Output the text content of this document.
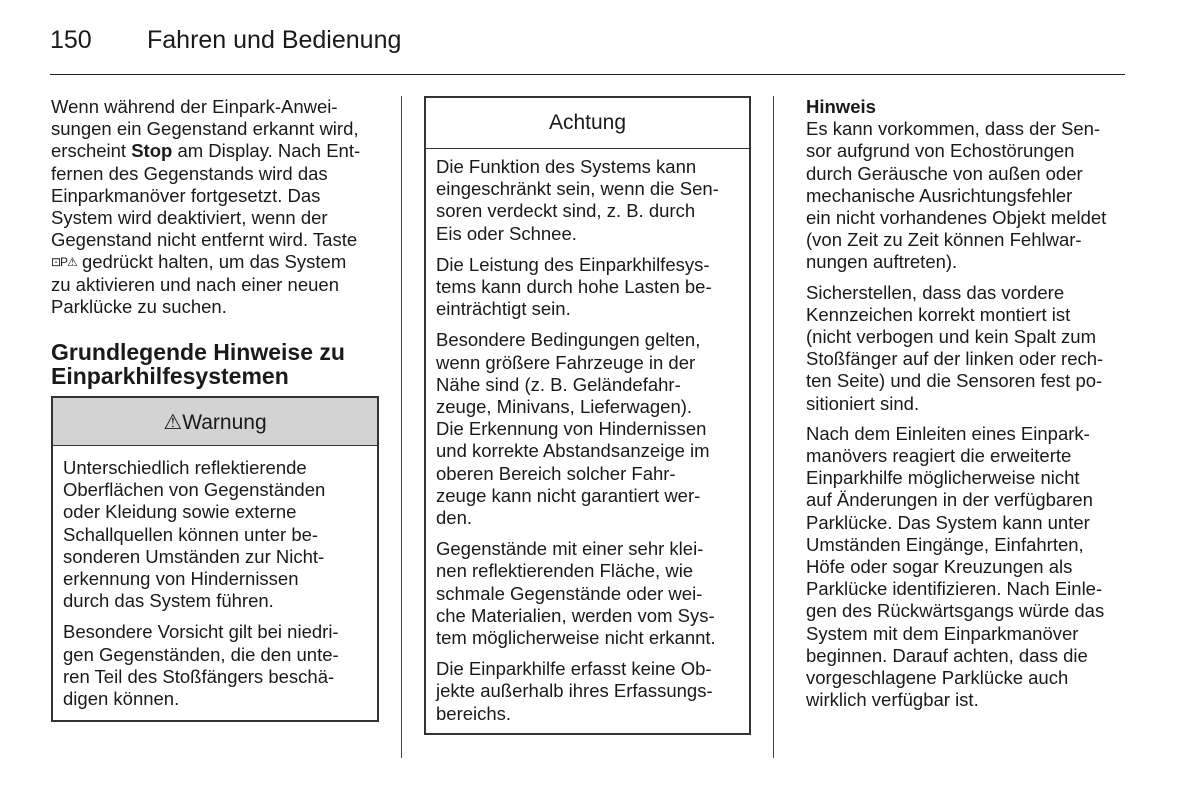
150 Fahren und Bedienung

Wenn während der Einpark-Anwei-
sungen ein Gegenstand erkannt wird,
erscheint Stop am Display. Nach Ent-
fernen des Gegenstands wird das
Einparkmanöver fortgesetzt. Das
System wird deaktiviert, wenn der
Gegenstand nicht entfernt wird. Taste
⊡P⚠ gedrückt halten, um das System
zu aktivieren und nach einer neuen
Parklücke zu suchen.

Grundlegende Hinweise zu
Einparkhilfesystemen
⚠Warnung

Unterschiedlich reflektierende
Oberflächen von Gegenständen
oder Kleidung sowie externe
Schallquellen können unter be-
sonderen Umständen zur Nicht-
erkennung von Hindernissen
durch das System führen.

Besondere Vorsicht gilt bei niedri-
gen Gegenständen, die den unte-
ren Teil des Stoßfängers beschä-
digen können.

Achtung

Die Funktion des Systems kann
eingeschränkt sein, wenn die Sen-
soren verdeckt sind, z. B. durch
Eis oder Schnee.

Die Leistung des Einparkhilfesys-
tems kann durch hohe Lasten be-
einträchtigt sein.

Besondere Bedingungen gelten,
wenn größere Fahrzeuge in der
Nähe sind (z. B. Geländefahr-
zeuge, Minivans, Lieferwagen).
Die Erkennung von Hindernissen
und korrekte Abstandsanzeige im
oberen Bereich solcher Fahr-
zeuge kann nicht garantiert wer-
den.

Gegenstände mit einer sehr klei-
nen reflektierenden Fläche, wie
schmale Gegenstände oder wei-
che Materialien, werden vom Sys-
tem möglicherweise nicht erkannt.

Die Einparkhilfe erfasst keine Ob-
jekte außerhalb ihres Erfassungs-
bereichs.

Hinweis
Es kann vorkommen, dass der Sen-
sor aufgrund von Echostörungen
durch Geräusche von außen oder
mechanische Ausrichtungsfehler
ein nicht vorhandenes Objekt meldet
(von Zeit zu Zeit können Fehlwar-
nungen auftreten).

Sicherstellen, dass das vordere
Kennzeichen korrekt montiert ist
(nicht verbogen und kein Spalt zum
Stoßfänger auf der linken oder rech-
ten Seite) und die Sensoren fest po-
sitioniert sind.

Nach dem Einleiten eines Einpark-
manövers reagiert die erweiterte
Einparkhilfe möglicherweise nicht
auf Änderungen in der verfügbaren
Parklücke. Das System kann unter
Umständen Eingänge, Einfahrten,
Höfe oder sogar Kreuzungen als
Parklücke identifizieren. Nach Einle-
gen des Rückwärtsgangs würde das
System mit dem Einparkmanöver
beginnen. Darauf achten, dass die
vorgeschlagene Parklücke auch
wirklich verfügbar ist.
